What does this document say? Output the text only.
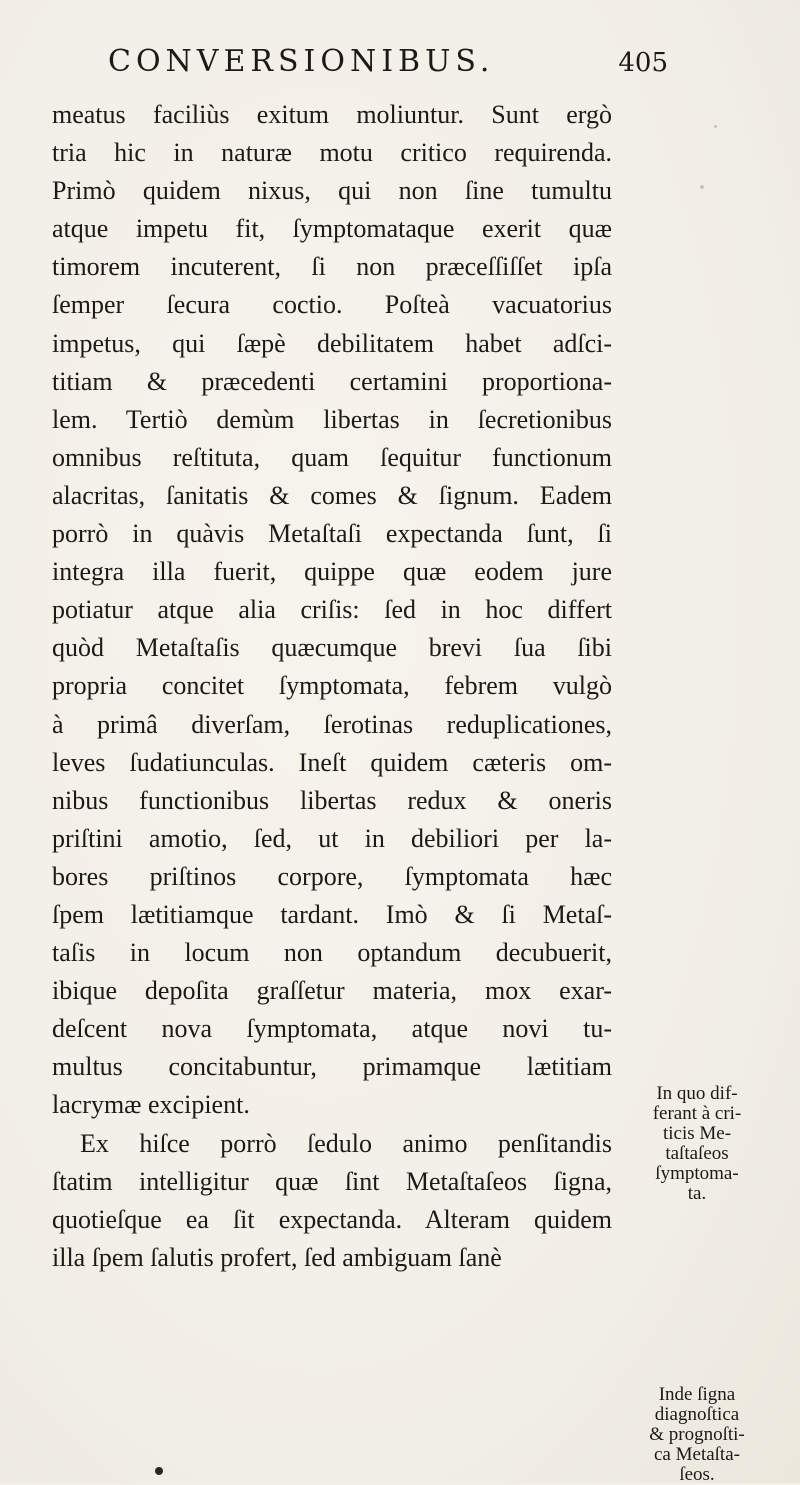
CONVERSIONIBUS.	405
meatus faciliùs exitum moliuntur. Sunt ergò
tria hic in naturæ motu critico requirenda.
Primò quidem nixus, qui non ſine tumultu
atque impetu fit, ſymptomataque exerit quæ
timorem incuterent, ſi non præceſſiſſet ipſa
ſemper ſecura coctio. Poſteà vacuatorius
impetus, qui ſæpè debilitatem habet adſci-
titiam & præcedenti certamini proportiona-
lem. Tertiò demùm libertas in ſecretionibus
omnibus reſtituta, quam ſequitur functionum
alacritas, ſanitatis & comes & ſignum. Eadem
porrò in quàvis Metaſtaſi expectanda ſunt, ſi
integra illa fuerit, quippe quæ eodem jure
potiatur atque alia criſis: ſed in hoc differt
quòd Metaſtaſis quæcumque brevi ſua ſibi
propria concitet ſymptomata, febrem vulgò
à primâ diverſam, ſerotinas reduplicationes,
leves ſudatiunculas. Ineſt quidem cæteris om-
nibus functionibus libertas redux & oneris
priſtini amotio, ſed, ut in debiliori per la-
bores priſtinos corpore, ſymptomata hæc
ſpem lætitiamque tardant. Imò & ſi Metaſ-
taſis in locum non optandum decubuerit,
ibique depoſita graſſetur materia, mox exar-
deſcent nova ſymptomata, atque novi tu-
multus concitabuntur, primamque lætitiam
lacrymæ excipient.
Ex hiſce porrò ſedulo animo penſitandis
ſtatim intelligitur quæ ſint Metaſtaſeos ſigna,
quotieſque ea ſit expectanda. Alteram quidem
illa ſpem ſalutis profert, ſed ambiguam ſanè
In quo dif-
ferant à cri-
ticis Me-
taſtaſeos
ſymptoma-
ta.
Inde ſigna
diagnoſtica
& prognoſti-
ca Metaſta-
ſeos.
